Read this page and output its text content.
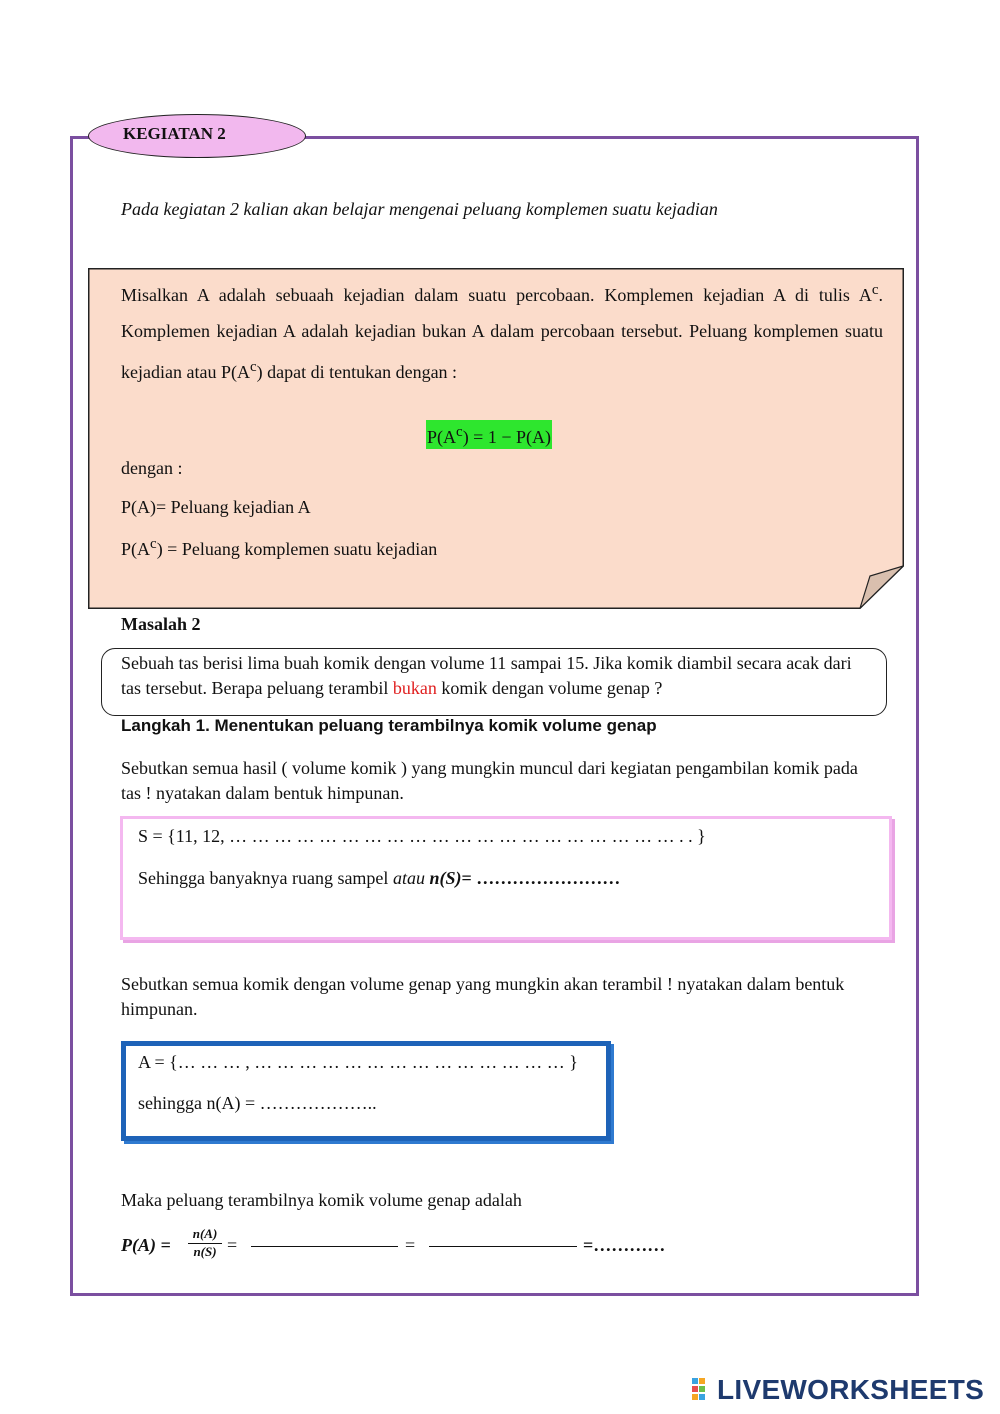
KEGIATAN 2
Pada kegiatan 2 kalian akan belajar mengenai peluang komplemen suatu kejadian
Misalkan A adalah sebuaah kejadian dalam suatu percobaan. Komplemen kejadian A di tulis $A^c$. Komplemen kejadian A adalah kejadian bukan A dalam percobaan tersebut. Peluang komplemen suatu kejadian atau $P(A^c)$ dapat di tentukan dengan :
$P(A^c) = 1 - P(A)$
dengan :
P(A)= Peluang kejadian A
$P(A^c)$ = Peluang komplemen suatu kejadian
Masalah 2
Sebuah tas berisi lima buah komik dengan volume 11 sampai 15. Jika komik diambil secara acak dari tas tersebut. Berapa peluang terambil bukan komik dengan volume genap ?
Langkah 1. Menentukan peluang terambilnya komik volume genap
Sebutkan semua hasil ( volume komik ) yang mungkin muncul dari kegiatan pengambilan komik pada tas ! nyatakan dalam bentuk himpunan.
S = {11, 12, … … … … … … … … … … … … … … … … … … … … . . }
Sehingga banyaknya ruang sampel atau n(S)= ……………………
Sebutkan semua komik dengan volume genap yang mungkin akan terambil ! nyatakan dalam bentuk himpunan.
A = {… … … , … … … … … … … … … … … … … … }
sehingga n(A) = ………………..
Maka peluang terambilnya komik volume genap adalah
$P(A) = \frac{n(A)}{n(S)}$ =	=	=…………
LIVEWORKSHEETS
